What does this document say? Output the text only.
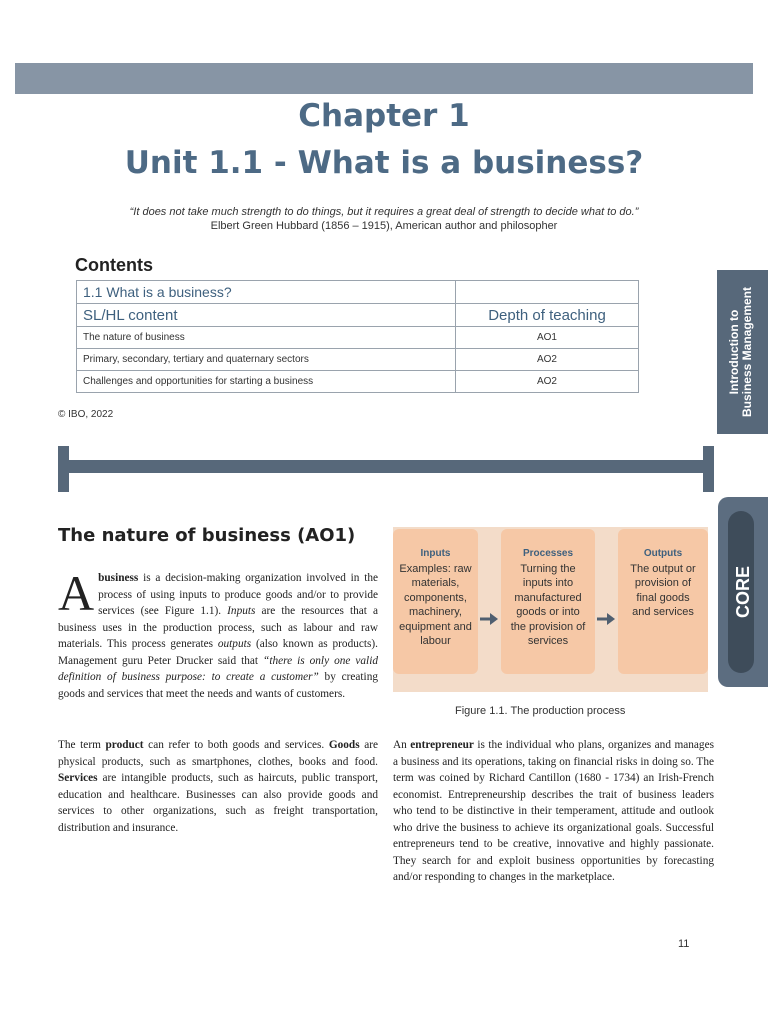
Chapter 1
Unit 1.1 - What is a business?
“It does not take much strength to do things, but it requires a great deal of strength to decide what to do.”
Elbert Green Hubbard (1856 – 1915), American author and philosopher
Contents
1.1 What is a business?	
SL/HL content	Depth of teaching
The nature of business	AO1
Primary, secondary, tertiary and quaternary sectors	AO2
Challenges and opportunities for starting a business	AO2
© IBO, 2022
Introduction to Business Management
CORE
The nature of business (AO1)
Abusiness is a decision-making organization involved in the process of using inputs to produce goods and/or to provide services (see Figure 1.1). Inputs are the resources that a business uses in the production process, such as labour and raw materials. This process generates outputs (also known as products). Management guru Peter Drucker said that “there is only one valid definition of business purpose: to create a customer” by creating goods and services that meet the needs and wants of customers.
The term product can refer to both goods and services. Goods are physical products, such as smartphones, clothes, books and food. Services are intangible products, such as haircuts, public transport, education and healthcare. Businesses can also provide goods and services to other organizations, such as freight transportation, distribution and insurance.
An entrepreneur is the individual who plans, organizes and manages a business and its operations, taking on financial risks in doing so. The term was coined by Richard Cantillon (1680 - 1734) an Irish-French economist. Entrepreneurship describes the trait of business leaders who tend to be distinctive in their temperament, attitude and outlook who drive the business to achieve its organizational goals. Successful entrepreneurs tend to be creative, innovative and highly passionate. They search for and exploit business opportunities by forecasting and/or responding to changes in the marketplace.
Inputs
Examples: raw materials, components, machinery, equipment and labour
Processes
Turning the inputs into manufactured goods or into the provision of services
Outputs
The output or provision of final goods and services
Figure 1.1. The production process
11
